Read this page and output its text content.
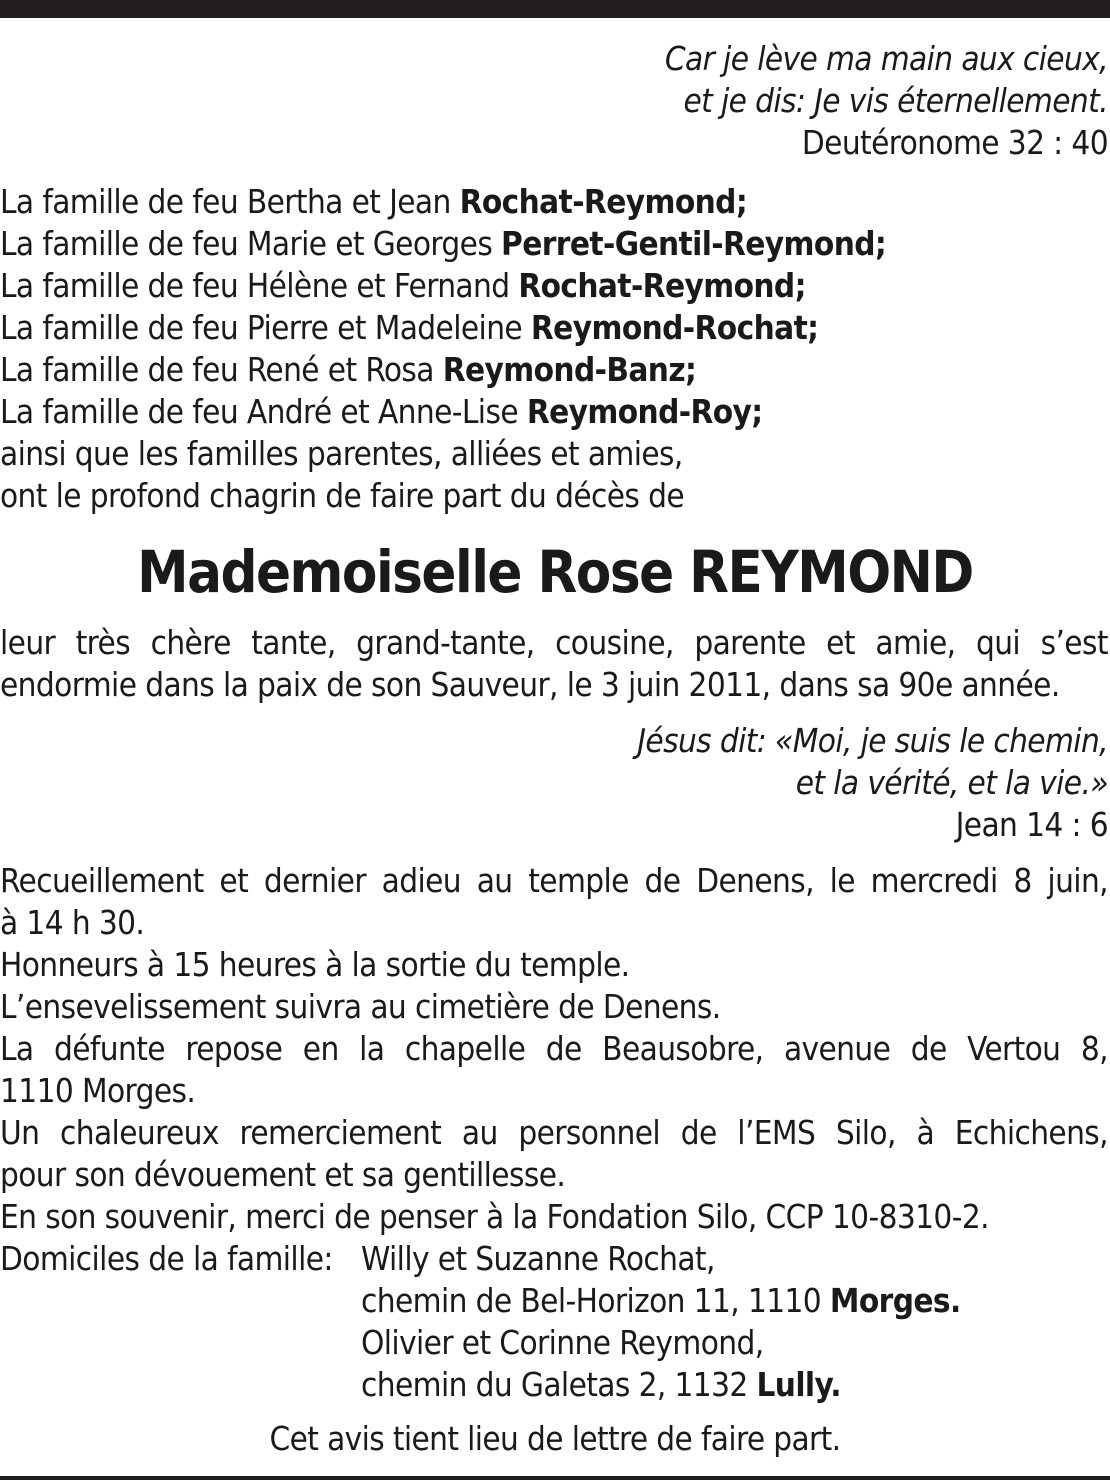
Car je lève ma main aux cieux,
et je dis: Je vis éternellement.
Deutéronome 32 : 40
La famille de feu Bertha et Jean Rochat-Reymond;
La famille de feu Marie et Georges Perret-Gentil-Reymond;
La famille de feu Hélène et Fernand Rochat-Reymond;
La famille de feu Pierre et Madeleine Reymond-Rochat;
La famille de feu René et Rosa Reymond-Banz;
La famille de feu André et Anne-Lise Reymond-Roy;
ainsi que les familles parentes, alliées et amies,
ont le profond chagrin de faire part du décès de
Mademoiselle Rose REYMOND
leur très chère tante, grand-tante, cousine, parente et amie, qui s’est
endormie dans la paix de son Sauveur, le 3 juin 2011, dans sa 90e année.
Jésus dit: «Moi, je suis le chemin,
et la vérité, et la vie.»
Jean 14 : 6
Recueillement et dernier adieu au temple de Denens, le mercredi 8 juin,
à 14 h 30.
Honneurs à 15 heures à la sortie du temple.
L’ensevelissement suivra au cimetière de Denens.
La défunte repose en la chapelle de Beausobre, avenue de Vertou 8,
1110 Morges.
Un chaleureux remerciement au personnel de l’EMS Silo, à Echichens,
pour son dévouement et sa gentillesse.
En son souvenir, merci de penser à la Fondation Silo, CCP 10-8310-2.
Domiciles de la famille: Willy et Suzanne Rochat,
chemin de Bel-Horizon 11, 1110 Morges.
Olivier et Corinne Reymond,
chemin du Galetas 2, 1132 Lully.
Cet avis tient lieu de lettre de faire part.
